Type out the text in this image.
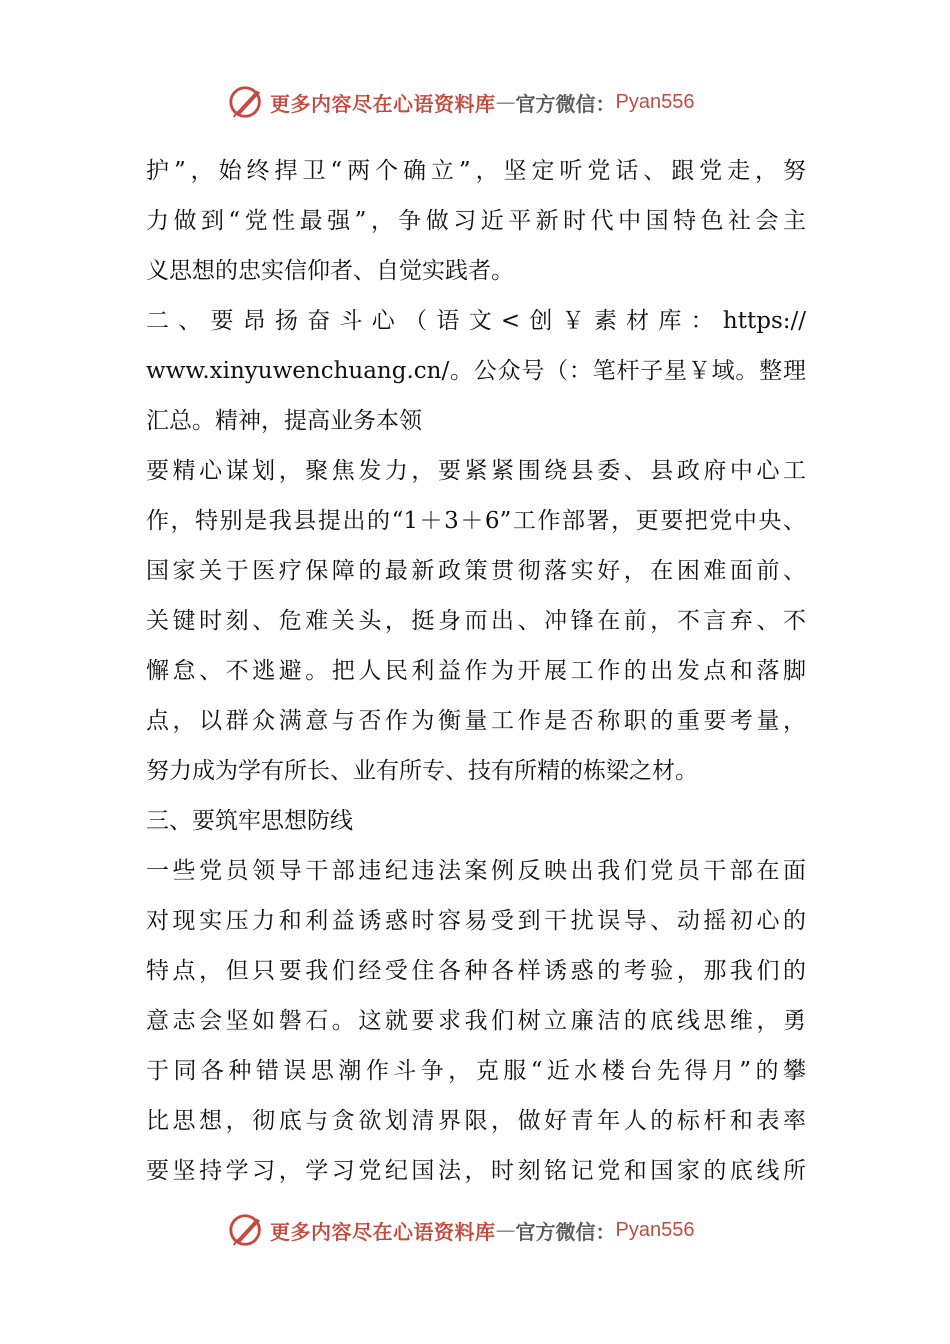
更多内容尽在心语资料库 — 官方微信： Pyan556
护”，始终捍卫“两个确立”，坚定听党话、跟党走，努
力做到“党性最强”，争做习近平新时代中国特色社会主
义思想的忠实信仰者、自觉实践者。
二、要昂扬奋斗心（语文<创￥素材库：https://
www.xinyuwenchuang.cn/。公众号（：笔杆子星￥域。整理
汇总。精神，提高业务本领
要精心谋划，聚焦发力，要紧紧围绕县委、县政府中心工
作，特别是我县提出的“1＋3＋6”工作部署，更要把党中央、
国家关于医疗保障的最新政策贯彻落实好，在困难面前、
关键时刻、危难关头，挺身而出、冲锋在前，不言弃、不
懈怠、不逃避。把人民利益作为开展工作的出发点和落脚
点，以群众满意与否作为衡量工作是否称职的重要考量，
努力成为学有所长、业有所专、技有所精的栋梁之材。
三、要筑牢思想防线
一些党员领导干部违纪违法案例反映出我们党员干部在面
对现实压力和利益诱惑时容易受到干扰误导、动摇初心的
特点，但只要我们经受住各种各样诱惑的考验，那我们的
意志会坚如磐石。这就要求我们树立廉洁的底线思维，勇
于同各种错误思潮作斗争，克服“近水楼台先得月”的攀
比思想，彻底与贪欲划清界限，做好青年人的标杆和表率
要坚持学习，学习党纪国法，时刻铭记党和国家的底线所
更多内容尽在心语资料库 — 官方微信： Pyan556
